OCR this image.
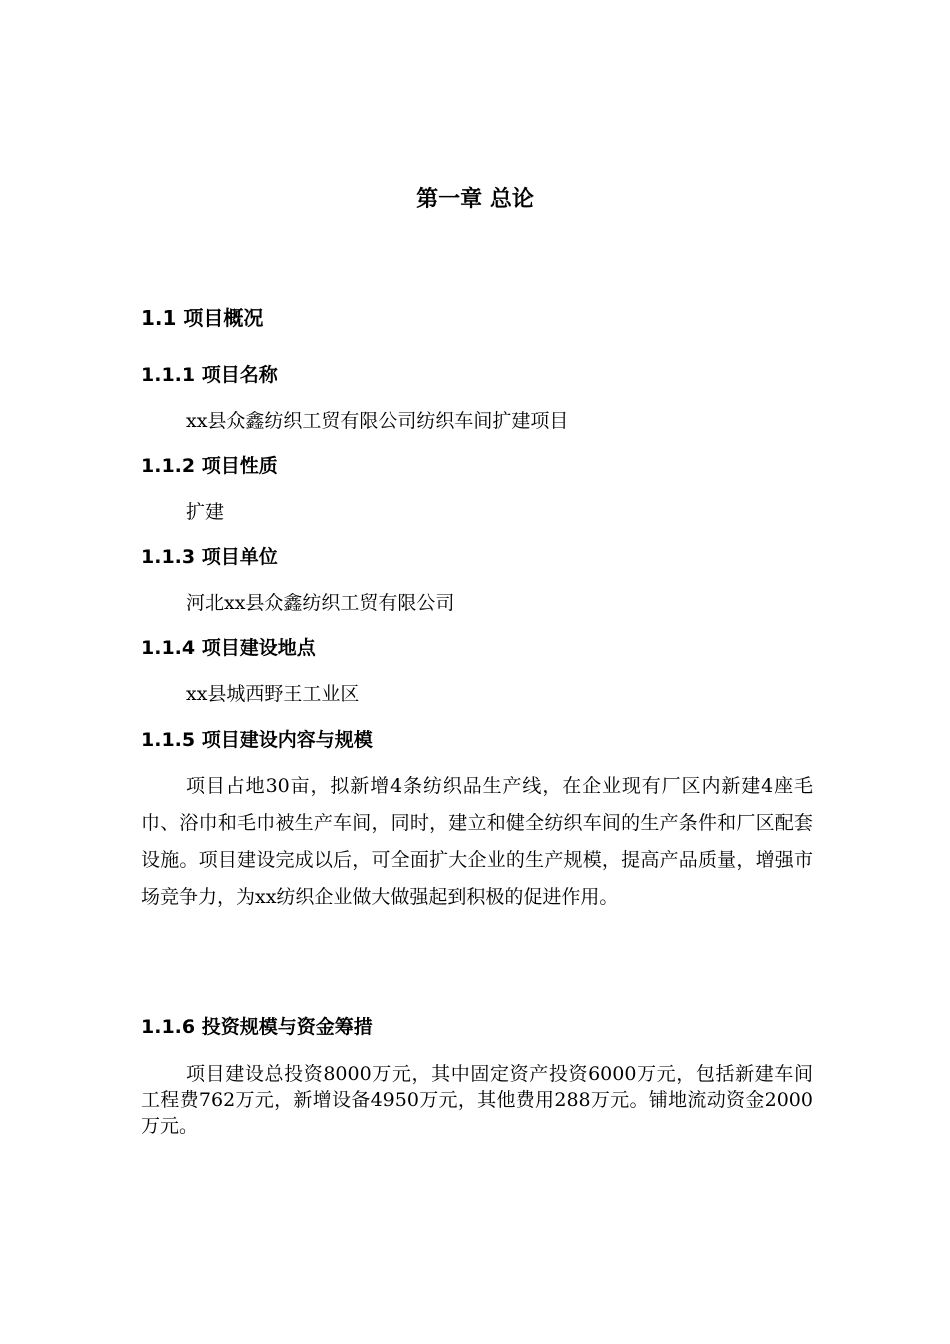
第一章 总论
1.1 项目概况
1.1.1 项目名称

xx县众鑫纺织工贸有限公司纺织车间扩建项目

1.1.2 项目性质

扩建

1.1.3 项目单位

河北xx县众鑫纺织工贸有限公司

1.1.4 项目建设地点

xx县城西野王工业区

1.1.5 项目建设内容与规模

项目占地30亩，拟新增4条纺织品生产线，在企业现有厂区内新建4座毛巾、浴巾和毛巾被生产车间，同时，建立和健全纺织车间的生产条件和厂区配套设施。项目建设完成以后，可全面扩大企业的生产规模，提高产品质量，增强市场竞争力，为xx纺织企业做大做强起到积极的促进作用。

1.1.6 投资规模与资金筹措

项目建设总投资8000万元，其中固定资产投资6000万元，包括新建车间工程费762万元，新增设备4950万元，其他费用288万元。铺地流动资金2000万元。
